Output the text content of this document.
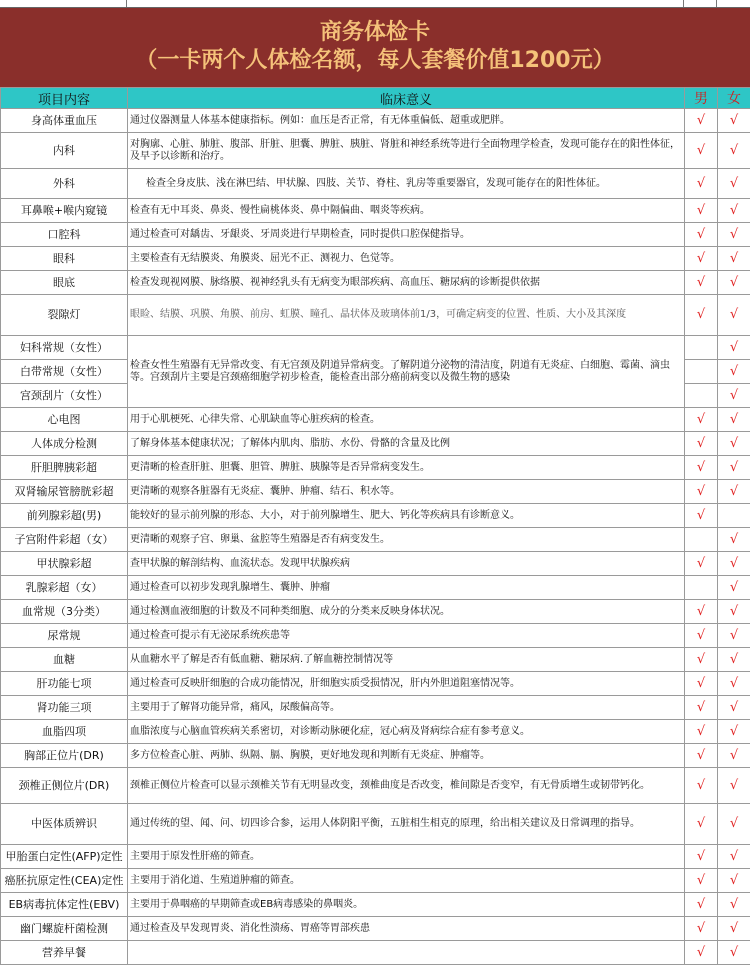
商务体检卡
（一卡两个人体检名额，每人套餐价值1200元）
项目内容	临床意义	男	女
身高体重血压	通过仪器测量人体基本健康指标。例如：血压是否正常，有无体重偏低、超重或肥胖。	√	√
内科	对胸廓、心脏、肺脏、腹部、肝脏、胆囊、脾脏、胰脏、肾脏和神经系统等进行全面物理学检查，发现可能存在的阳性体征，及早予以诊断和治疗。	√	√
外科	检查全身皮肤、浅在淋巴结、甲状腺、四肢、关节、脊柱、乳房等重要器官，发现可能存在的阳性体征。	√	√
耳鼻喉+喉内窥镜	检查有无中耳炎、鼻炎、慢性扁桃体炎、鼻中隔偏曲、咽炎等疾病。	√	√
口腔科	通过检查可对龋齿、牙龈炎、牙周炎进行早期检查，同时提供口腔保健指导。	√	√
眼科	主要检查有无结膜炎、角膜炎、屈光不正、测视力、色觉等。	√	√
眼底	检查发现视网膜、脉络膜、视神经乳头有无病变为眼部疾病、高血压、糖尿病的诊断提供依据	√	√
裂隙灯	眼睑、结膜、巩膜、角膜、前房、虹膜、瞳孔、晶状体及玻璃体前1/3，可确定病变的位置、性质、大小及其深度	√	√
妇科常规（女性）	检查女性生殖器有无异常改变、有无宫颈及阴道异常病变。了解阴道分泌物的清洁度，阴道有无炎症、白细胞、霉菌、滴虫等。宫颈刮片主要是宫颈癌细胞学初步检查，能检查出部分癌前病变以及微生物的感染		√
白带常规（女性）			√
宫颈刮片（女性）			√
心电图	用于心肌梗死、心律失常、心肌缺血等心脏疾病的检查。	√	√
人体成分检测	了解身体基本健康状况；了解体内肌肉、脂肪、水份、骨骼的含量及比例	√	√
肝胆脾胰彩超	更清晰的检查肝脏、胆囊、胆管、脾脏、胰腺等是否异常病变发生。	√	√
双肾输尿管膀胱彩超	更清晰的观察各脏器有无炎症、囊肿、肿瘤、结石、积水等。	√	√
前列腺彩超(男)	能较好的显示前列腺的形态、大小，对于前列腺增生、肥大、钙化等疾病具有诊断意义。	√	
子宫附件彩超（女）	更清晰的观察子宫、卵巢、盆腔等生殖器是否有病变发生。		√
甲状腺彩超	查甲状腺的解剖结构、血流状态。发现甲状腺疾病	√	√
乳腺彩超（女）	通过检查可以初步发现乳腺增生、囊肿、肿瘤		√
血常规（3分类）	通过检测血液细胞的计数及不同种类细胞、成分的分类来反映身体状况。	√	√
尿常规	通过检查可提示有无泌尿系统疾患等	√	√
血糖	从血糖水平了解是否有低血糖、糖尿病.了解血糖控制情况等	√	√
肝功能七项	通过检查可反映肝细胞的合成功能情况，肝细胞实质受损情况，肝内外胆道阻塞情况等。	√	√
肾功能三项	主要用于了解肾功能异常，痛风，尿酸偏高等。	√	√
血脂四项	血脂浓度与心脑血管疾病关系密切，对诊断动脉硬化症，冠心病及肾病综合症有参考意义。	√	√
胸部正位片(DR)	多方位检查心脏、两肺、纵隔、膈、胸膜，更好地发现和判断有无炎症、肿瘤等。	√	√
颈椎正侧位片(DR)	颈椎正侧位片检查可以显示颈椎关节有无明显改变，颈椎曲度是否改变，椎间隙是否变窄，有无骨质增生或韧带钙化。	√	√
中医体质辨识	通过传统的望、闻、问、切四诊合参，运用人体阴阳平衡，五脏相生相克的原理，给出相关建议及日常调理的指导。	√	√
甲胎蛋白定性(AFP)定性	主要用于原发性肝癌的筛查。	√	√
癌胚抗原定性(CEA)定性	主要用于消化道、生殖道肿瘤的筛查。	√	√
EB病毒抗体定性(EBV)	主要用于鼻咽癌的早期筛查或EB病毒感染的鼻咽炎。	√	√
幽门螺旋杆菌检测	通过检查及早发现胃炎、消化性溃疡、胃癌等胃部疾患	√	√
营养早餐		√	√
